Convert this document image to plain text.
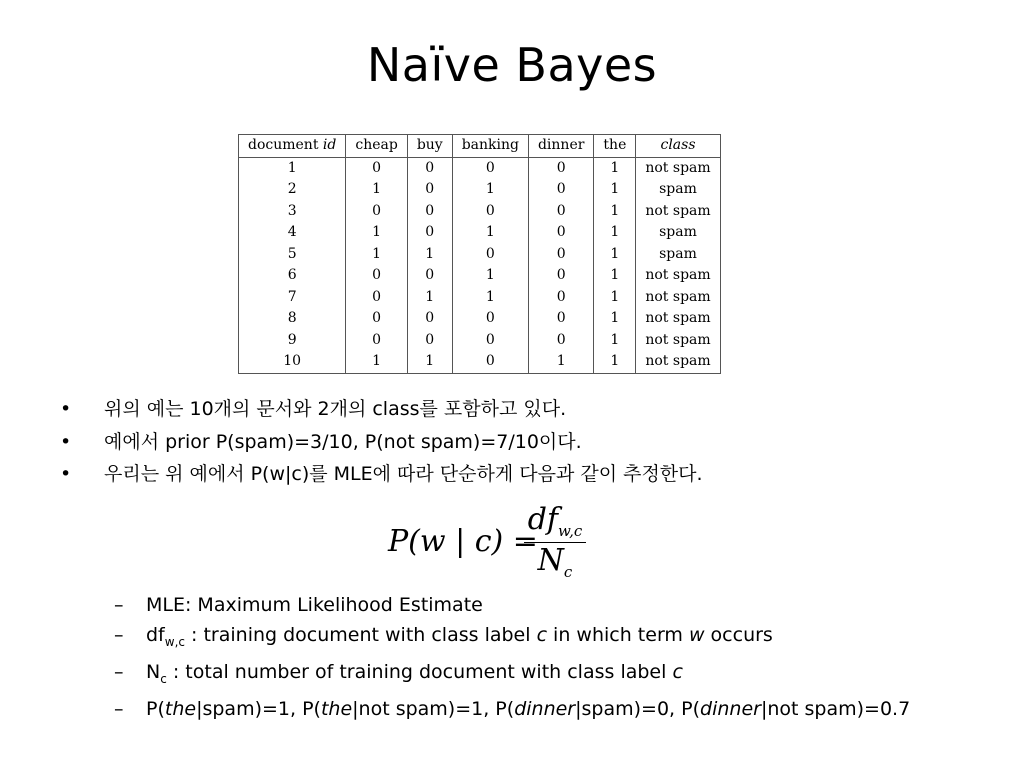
Naïve Bayes
document id	cheap	buy	banking	dinner	the	class
1	0	0	0	0	1	not spam
2	1	0	1	0	1	spam
3	0	0	0	0	1	not spam
4	1	0	1	0	1	spam
5	1	1	0	0	1	spam
6	0	0	1	0	1	not spam
7	0	1	1	0	1	not spam
8	0	0	0	0	1	not spam
9	0	0	0	0	1	not spam
10	1	1	0	1	1	not spam
• 위의 예는 10개의 문서와 2개의 class를 포함하고 있다.
• 예에서 prior P(spam)=3/10, P(not spam)=7/10이다.
• 우리는 위 예에서 P(w|c)를 MLE에 따라 단순하게 다음과 같이 추정한다.
P(w | c) =
$df_{w,c}$
$N_c$
– MLE: Maximum Likelihood Estimate
– $df_{w,c}$ : training document with class label c in which term w occurs
– $N_c$ : total number of training document with class label c
– P(the|spam)=1, P(the|not spam)=1, P(dinner|spam)=0, P(dinner|not spam)=0.7
